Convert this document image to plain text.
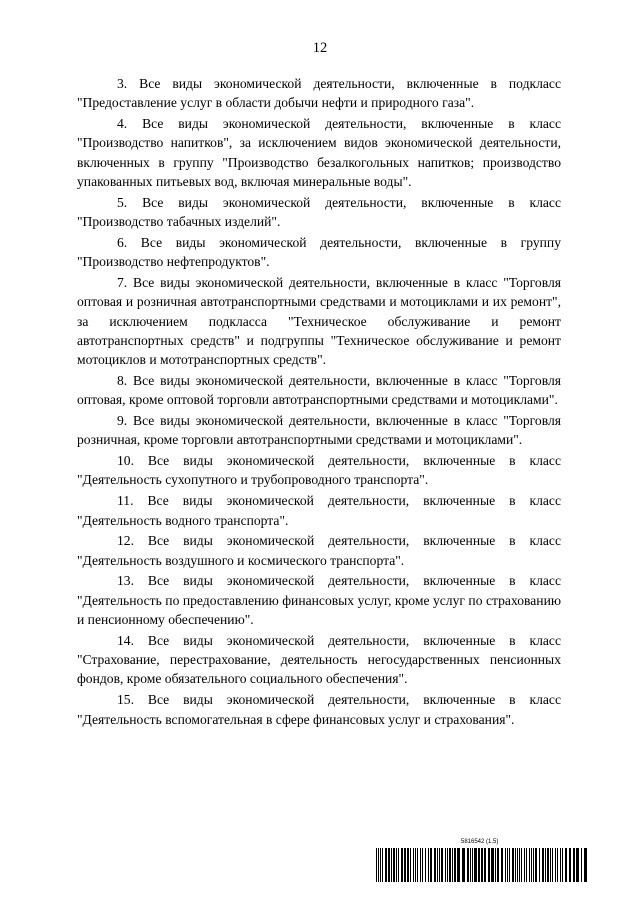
12

3. Все виды экономической деятельности, включенные в подкласс "Предоставление услуг в области добычи нефти и природного газа".

4. Все виды экономической деятельности, включенные в класс "Производство напитков", за исключением видов экономической деятельности, включенных в группу "Производство безалкогольных напитков; производство упакованных питьевых вод, включая минеральные воды".

5. Все виды экономической деятельности, включенные в класс "Производство табачных изделий".

6. Все виды экономической деятельности, включенные в группу "Производство нефтепродуктов".

7. Все виды экономической деятельности, включенные в класс "Торговля оптовая и розничная автотранспортными средствами и мотоциклами и их ремонт", за исключением подкласса "Техническое обслуживание и ремонт автотранспортных средств" и подгруппы "Техническое обслуживание и ремонт мотоциклов и мототранспортных средств".

8. Все виды экономической деятельности, включенные в класс "Торговля оптовая, кроме оптовой торговли автотранспортными средствами и мотоциклами".

9. Все виды экономической деятельности, включенные в класс "Торговля розничная, кроме торговли автотранспортными средствами и мотоциклами".

10. Все виды экономической деятельности, включенные в класс "Деятельность сухопутного и трубопроводного транспорта".

11. Все виды экономической деятельности, включенные в класс "Деятельность водного транспорта".

12. Все виды экономической деятельности, включенные в класс "Деятельность воздушного и космического транспорта".

13. Все виды экономической деятельности, включенные в класс "Деятельность по предоставлению финансовых услуг, кроме услуг по страхованию и пенсионному обеспечению".

14. Все виды экономической деятельности, включенные в класс "Страхование, перестрахование, деятельность негосударственных пенсионных фондов, кроме обязательного социального обеспечения".

15. Все виды экономической деятельности, включенные в класс "Деятельность вспомогательная в сфере финансовых услуг и страхования".

5816542 (1.5)
